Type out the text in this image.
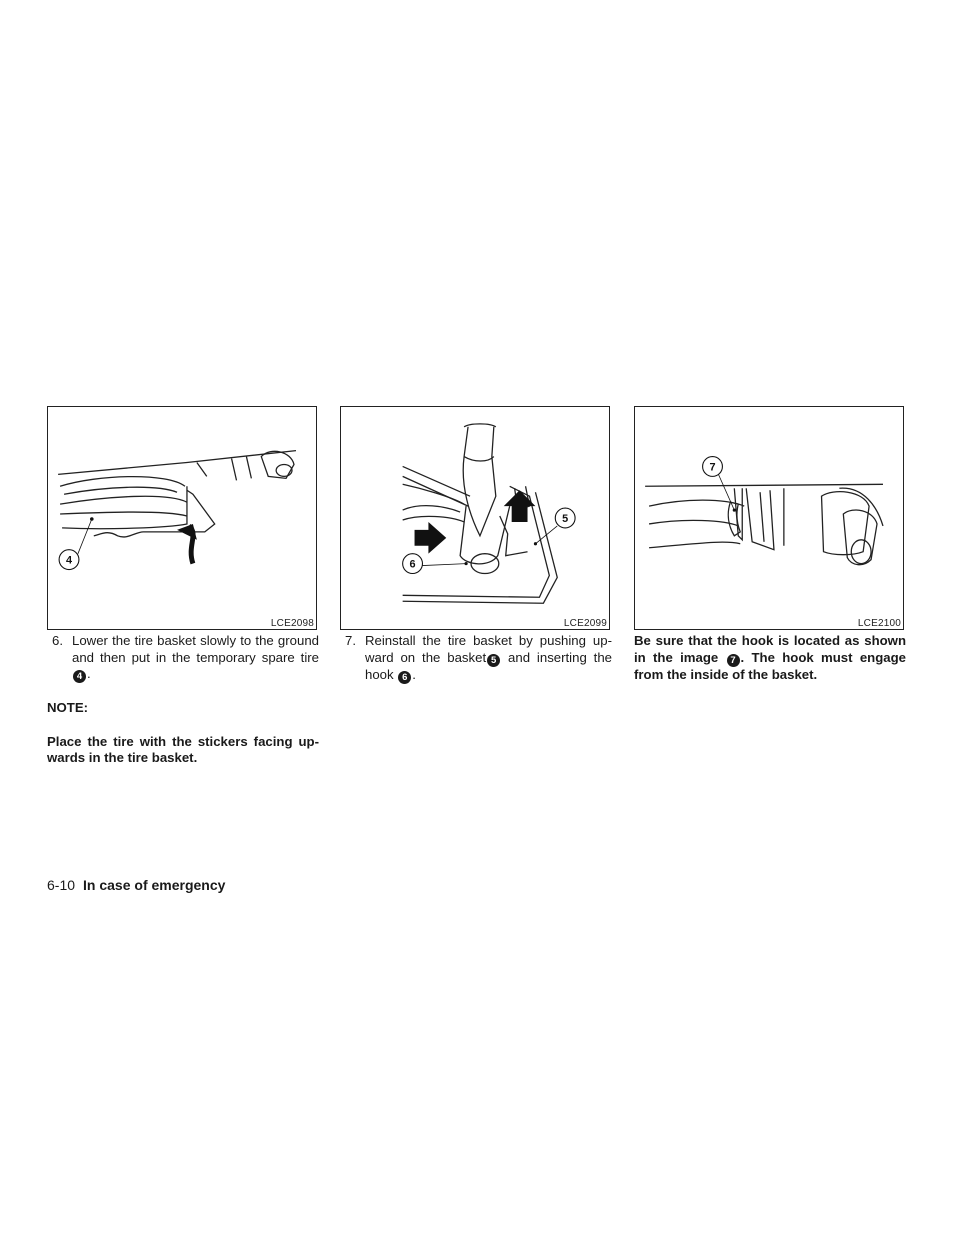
4
LCE2098
6
5
LCE2099
7
LCE2100
6. Lower the tire basket slowly to the ground and then put in the temporary spare tire 4 .
NOTE:
Place the tire with the stickers facing up-wards in the tire basket.
7. Reinstall the tire basket by pushing up-ward on the basket 5 and inserting the hook 6 .
Be sure that the hook is located as shown in the image 7 . The hook must engage from the inside of the basket.
6-10 In case of emergency
